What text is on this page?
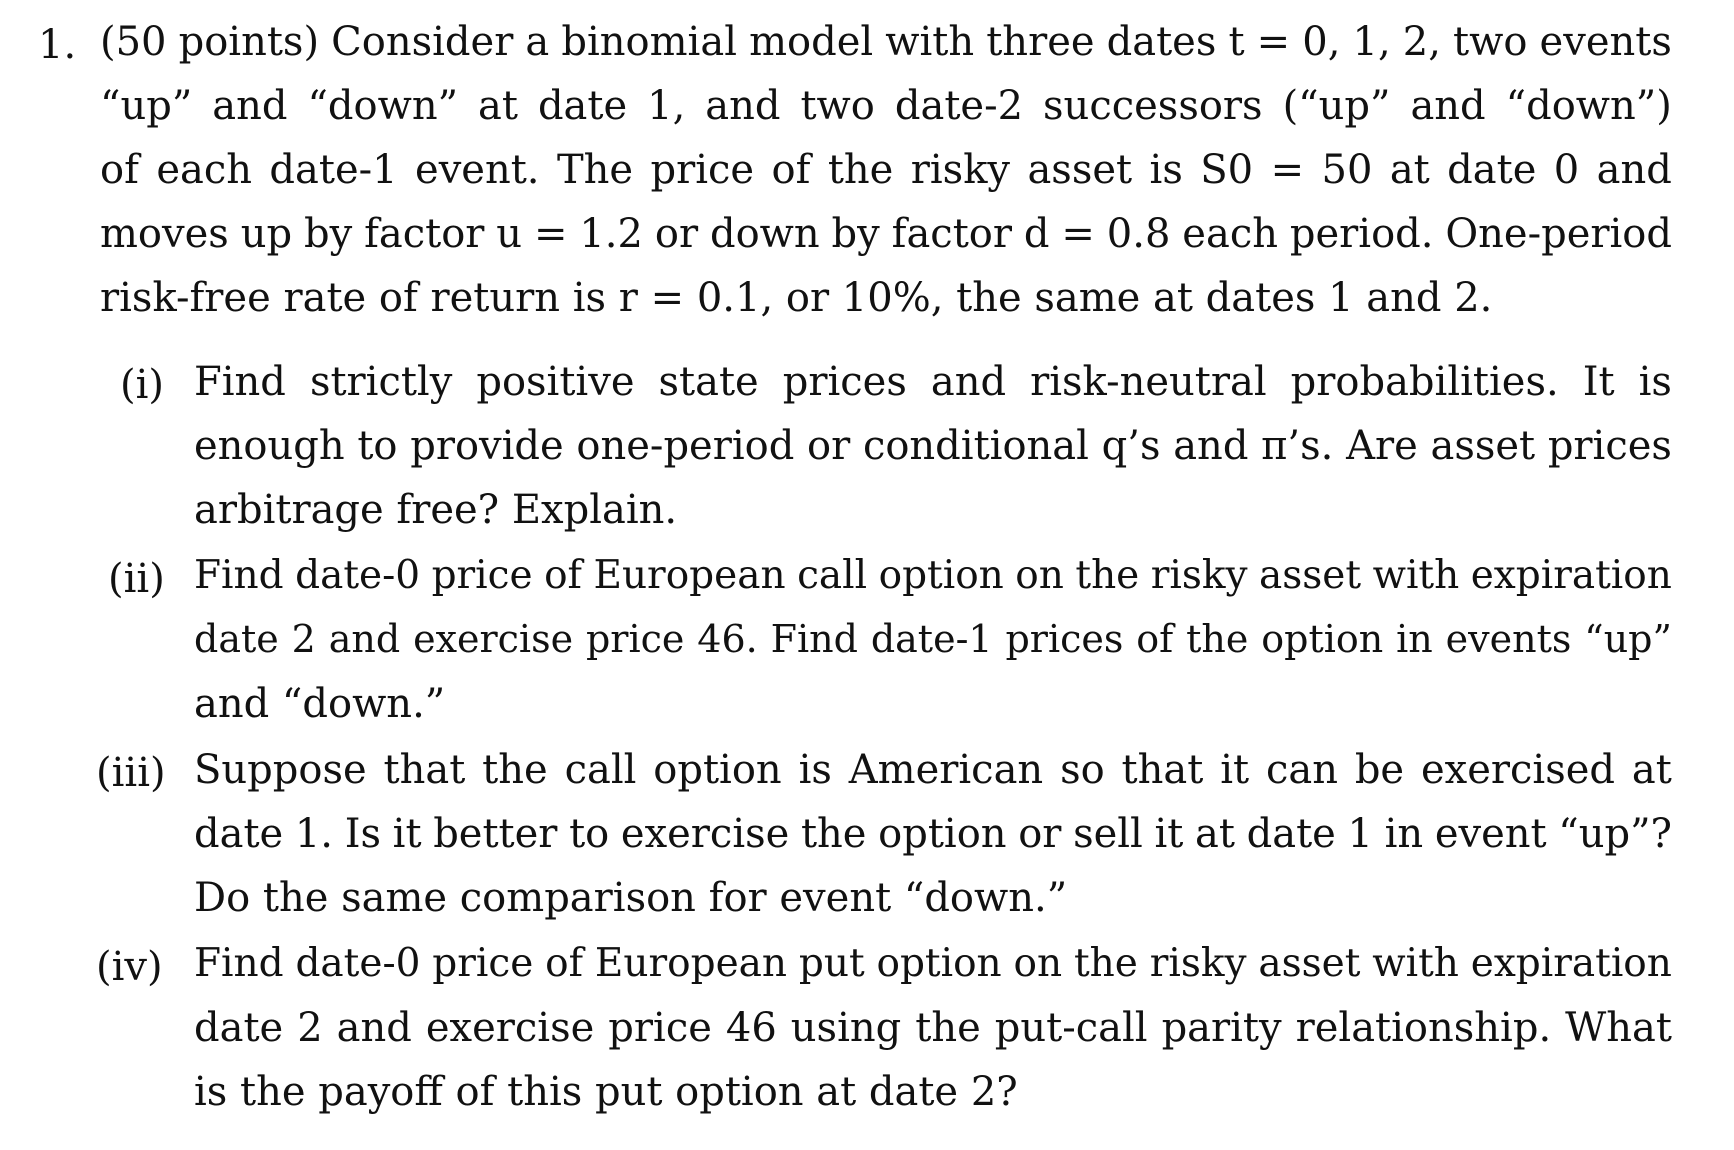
1. (50 points) Consider a binomial model with three dates t = 0, 1, 2, two events
“up” and “down” at date 1, and two date-2 successors (“up” and “down”)
of each date-1 event. The price of the risky asset is S0 = 50 at date 0 and
moves up by factor u = 1.2 or down by factor d = 0.8 each period. One-period
risk-free rate of return is r = 0.1, or 10%, the same at dates 1 and 2.
(i) Find strictly positive state prices and risk-neutral probabilities. It is
enough to provide one-period or conditional q’s and π’s. Are asset prices
arbitrage free? Explain.
(ii) Find date-0 price of European call option on the risky asset with expiration
date 2 and exercise price 46. Find date-1 prices of the option in events “up”
and “down.”
(iii) Suppose that the call option is American so that it can be exercised at
date 1. Is it better to exercise the option or sell it at date 1 in event “up”?
Do the same comparison for event “down.”
(iv) Find date-0 price of European put option on the risky asset with expiration
date 2 and exercise price 46 using the put-call parity relationship. What
is the payoff of this put option at date 2?
